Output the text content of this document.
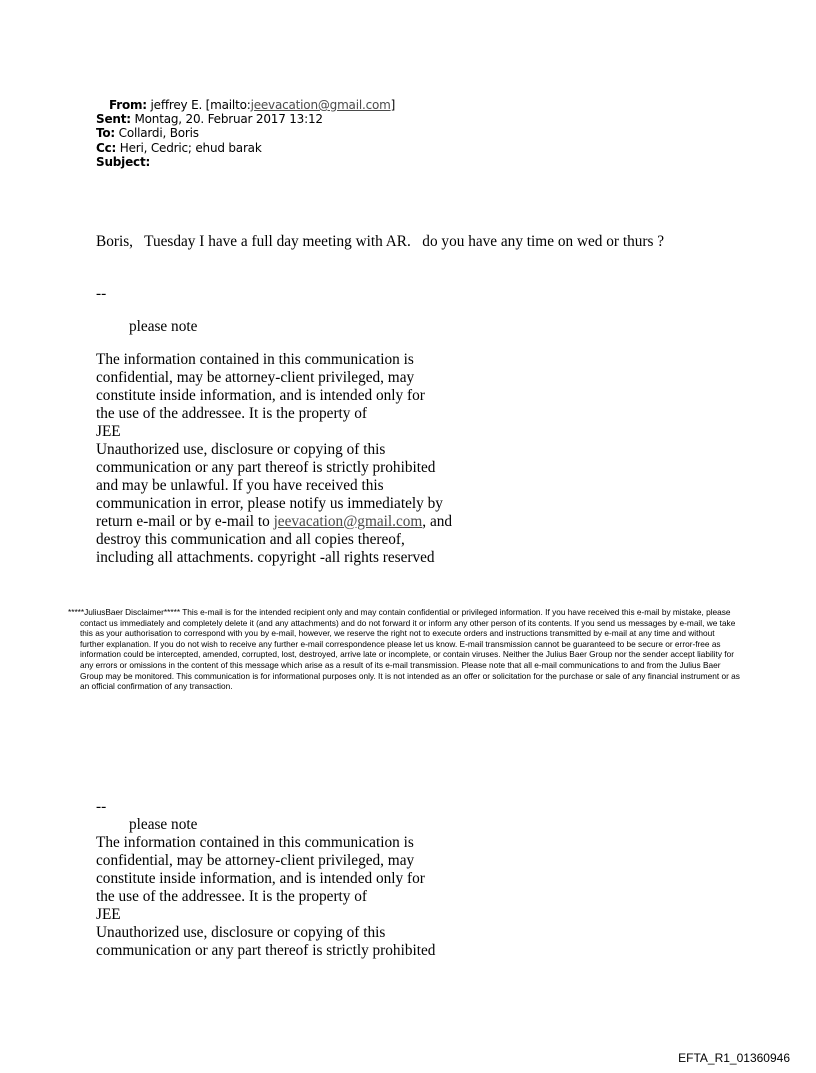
From: jeffrey E. [mailto:jeevacation@gmail.com]
Sent: Montag, 20. Februar 2017 13:12
To: Collardi, Boris
Cc: Heri, Cedric; ehud barak
Subject:
Boris,   Tuesday I have a full day meeting with AR.   do you have any time on wed or thurs ?
--
please note
The information contained in this communication is
confidential, may be attorney-client privileged, may
constitute inside information, and is intended only for
the use of the addressee. It is the property of
JEE
Unauthorized use, disclosure or copying of this
communication or any part thereof is strictly prohibited
and may be unlawful. If you have received this
communication in error, please notify us immediately by
return e-mail or by e-mail to jeevacation@gmail.com, and
destroy this communication and all copies thereof,
including all attachments. copyright -all rights reserved
*****JuliusBaer Disclaimer***** This e-mail is for the intended recipient only and may contain confidential or privileged information. If you have received this e-mail by mistake, please contact us immediately and completely delete it (and any attachments) and do not forward it or inform any other person of its contents. If you send us messages by e-mail, we take this as your authorisation to correspond with you by e-mail, however, we reserve the right not to execute orders and instructions transmitted by e-mail at any time and without further explanation. If you do not wish to receive any further e-mail correspondence please let us know. E-mail transmission cannot be guaranteed to be secure or error-free as information could be intercepted, amended, corrupted, lost, destroyed, arrive late or incomplete, or contain viruses. Neither the Julius Baer Group nor the sender accept liability for any errors or omissions in the content of this message which arise as a result of its e-mail transmission. Please note that all e-mail communications to and from the Julius Baer Group may be monitored. This communication is for informational purposes only. It is not intended as an offer or solicitation for the purchase or sale of any financial instrument or as an official confirmation of any transaction.
--
please note
The information contained in this communication is
confidential, may be attorney-client privileged, may
constitute inside information, and is intended only for
the use of the addressee. It is the property of
JEE
Unauthorized use, disclosure or copying of this
communication or any part thereof is strictly prohibited
EFTA_R1_01360946
